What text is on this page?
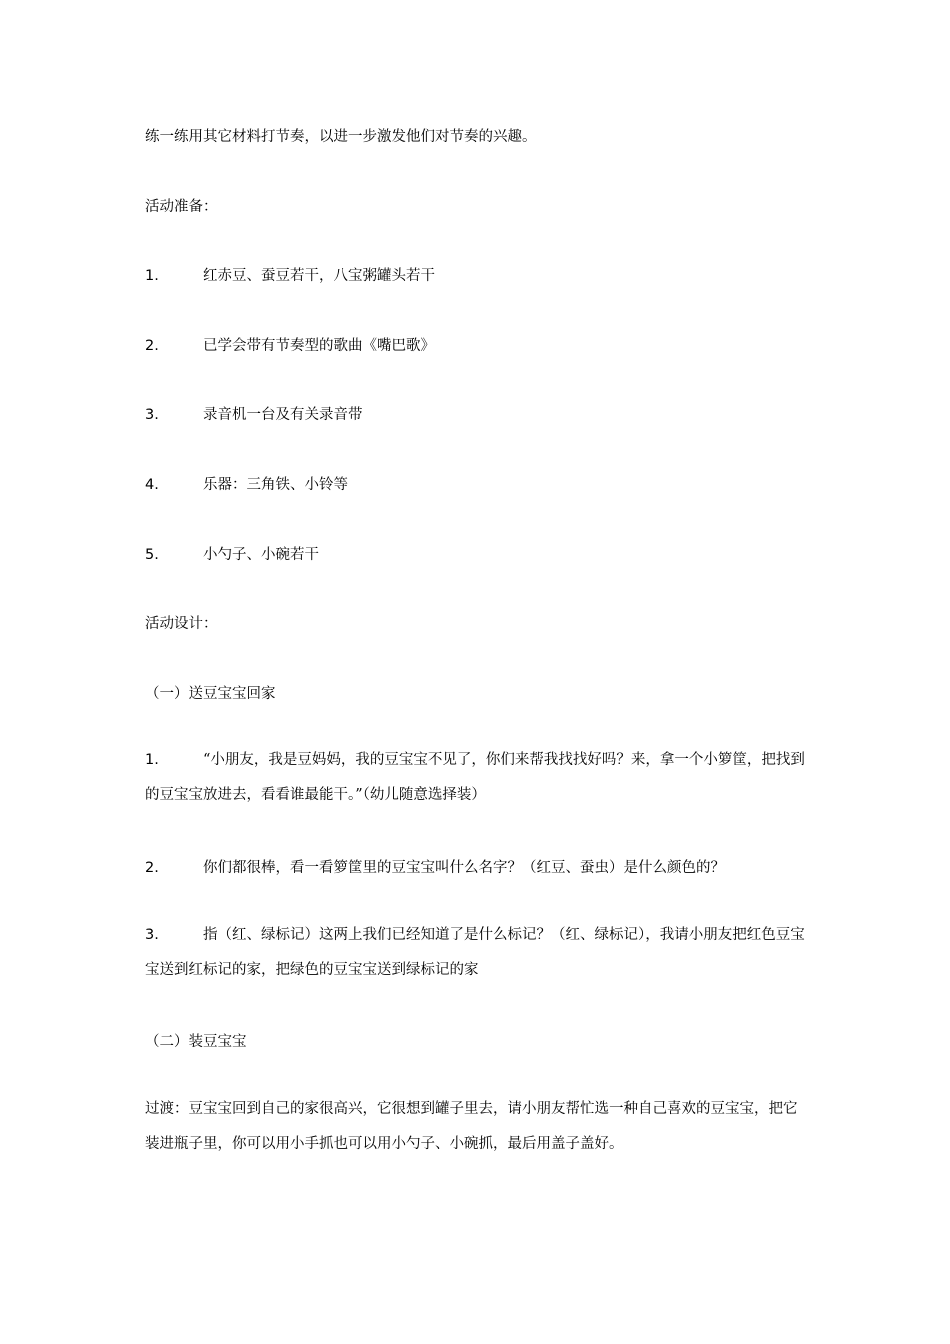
练一练用其它材料打节奏，以进一步激发他们对节奏的兴趣。
活动准备：
1.	红赤豆、蚕豆若干，八宝粥罐头若干
2.	已学会带有节奏型的歌曲《嘴巴歌》
3.	录音机一台及有关录音带
4.	乐器：三角铁、小铃等
5.	小勺子、小碗若干
活动设计：
（一）送豆宝宝回家
1.	“小朋友，我是豆妈妈，我的豆宝宝不见了，你们来帮我找找好吗？来，拿一个小箩筐，把找到的豆宝宝放进去，看看谁最能干。”（幼儿随意选择装）
2.	你们都很棒，看一看箩筐里的豆宝宝叫什么名字？（红豆、蚕虫）是什么颜色的？
3.	指（红、绿标记）这两上我们已经知道了是什么标记？（红、绿标记），我请小朋友把红色豆宝宝送到红标记的家，把绿色的豆宝宝送到绿标记的家
（二）装豆宝宝
过渡：豆宝宝回到自己的家很高兴，它很想到罐子里去，请小朋友帮忙选一种自己喜欢的豆宝宝，把它装进瓶子里，你可以用小手抓也可以用小勺子、小碗抓，最后用盖子盖好。
